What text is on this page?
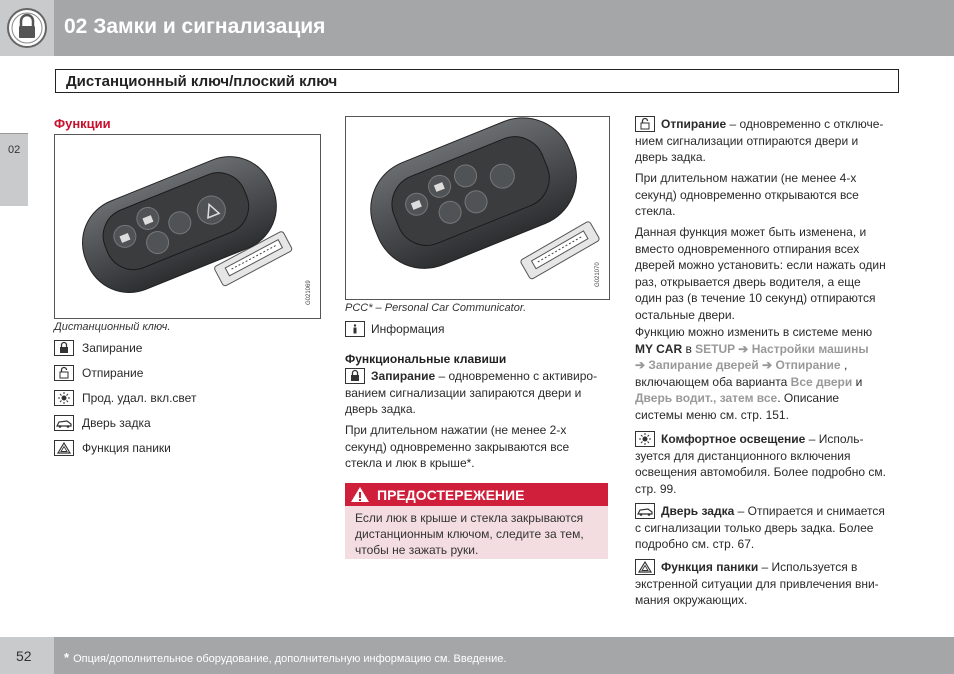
02 Замки и сигнализация
Дистанционный ключ/плоский ключ
02
Функции
G021069
Дистанционный ключ.
Запирание
Отпирание
Прод. удал. вкл.свет
Дверь задка
Функция паники
G021070
PCC* – Personal Car Communicator.
Информация
Функциональные клавиши
Запирание – одновременно с активиро-
ванием сигнализации запираются двери и
дверь задка.
При длительном нажатии (не менее 2-х
секунд) одновременно закрываются все
стекла и люк в крыше*.
ПРЕДОСТЕРЕЖЕНИЕ
Если люк в крыше и стекла закрываются
дистанционным ключом, следите за тем,
чтобы не зажать руки.
Отпирание – одновременно с отключе-
нием сигнализации отпираются двери и
дверь задка.
При длительном нажатии (не менее 4-х
секунд) одновременно открываются все
стекла.
Данная функция может быть изменена, и
вместо одновременного отпирания всех
дверей можно установить: если нажать один
раз, открывается дверь водителя, а еще
один раз (в течение 10 секунд) отпираются
остальные двери.
Функцию можно изменить в системе меню
MY CAR в SETUP ➔ Настройки машины
➔ Запирание дверей ➔ Отпирание ,
включающем оба варианта Все двери и
Дверь водит., затем все. Описание
системы меню см. стр. 151.
Комфортное освещение – Исполь-
зуется для дистанционного включения
освещения автомобиля. Более подробно см.
стр. 99.
Дверь задка – Отпирается и снимается
с сигнализации только дверь задка. Более
подробно см. стр. 67.
Функция паники – Используется в
экстренной ситуации для привлечения вни-
мания окружающих.
52 * Опция/дополнительное оборудование, дополнительную информацию см. Введение.
